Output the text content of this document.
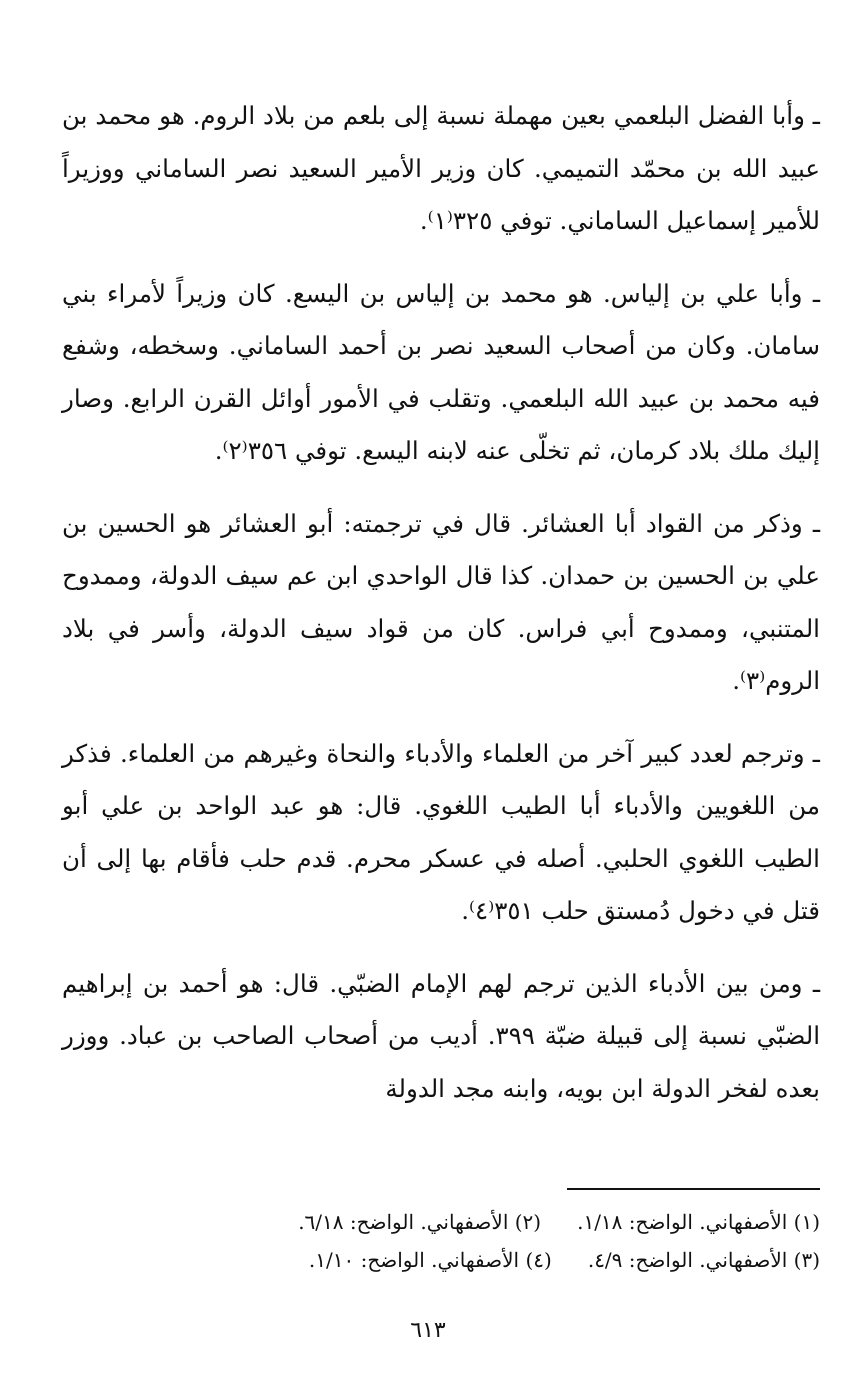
ـ وأبا الفضل البلعمي بعين مهملة نسبة إلى بلعم من بلاد الروم. هو محمد بن عبيد الله بن محمّد التميمي. كان وزير الأمير السعيد نصر الساماني ووزيراً للأمير إسماعيل الساماني. توفي ٣٢٥⁽١⁾.

ـ وأبا علي بن إلياس. هو محمد بن إلياس بن اليسع. كان وزيراً لأمراء بني سامان. وكان من أصحاب السعيد نصر بن أحمد الساماني. وسخطه، وشفع فيه محمد بن عبيد الله البلعمي. وتقلب في الأمور أوائل القرن الرابع. وصار إليك ملك بلاد كرمان، ثم تخلّى عنه لابنه اليسع. توفي ٣٥٦⁽٢⁾.

ـ وذكر من القواد أبا العشائر. قال في ترجمته: أبو العشائر هو الحسين بن علي بن الحسين بن حمدان. كذا قال الواحدي ابن عم سيف الدولة، وممدوح المتنبي، وممدوح أبي فراس. كان من قواد سيف الدولة، وأسر في بلاد الروم⁽٣⁾.

ـ وترجم لعدد كبير آخر من العلماء والأدباء والنحاة وغيرهم من العلماء. فذكر من اللغويين والأدباء أبا الطيب اللغوي. قال: هو عبد الواحد بن علي أبو الطيب اللغوي الحلبي. أصله في عسكر محرم. قدم حلب فأقام بها إلى أن قتل في دخول دُمستق حلب ٣٥١⁽٤⁾.

ـ ومن بين الأدباء الذين ترجم لهم الإمام الضبّي. قال: هو أحمد بن إبراهيم الضبّي نسبة إلى قبيلة ضبّة ٣٩٩. أديب من أصحاب الصاحب بن عباد. ووزر بعده لفخر الدولة ابن بويه، وابنه مجد الدولة

(١) الأصفهاني. الواضح: ١/١٨.
(٢) الأصفهاني. الواضح: ٦/١٨.
(٣) الأصفهاني. الواضح: ٤/٩.
(٤) الأصفهاني. الواضح: ١/١٠.
٦١٣
